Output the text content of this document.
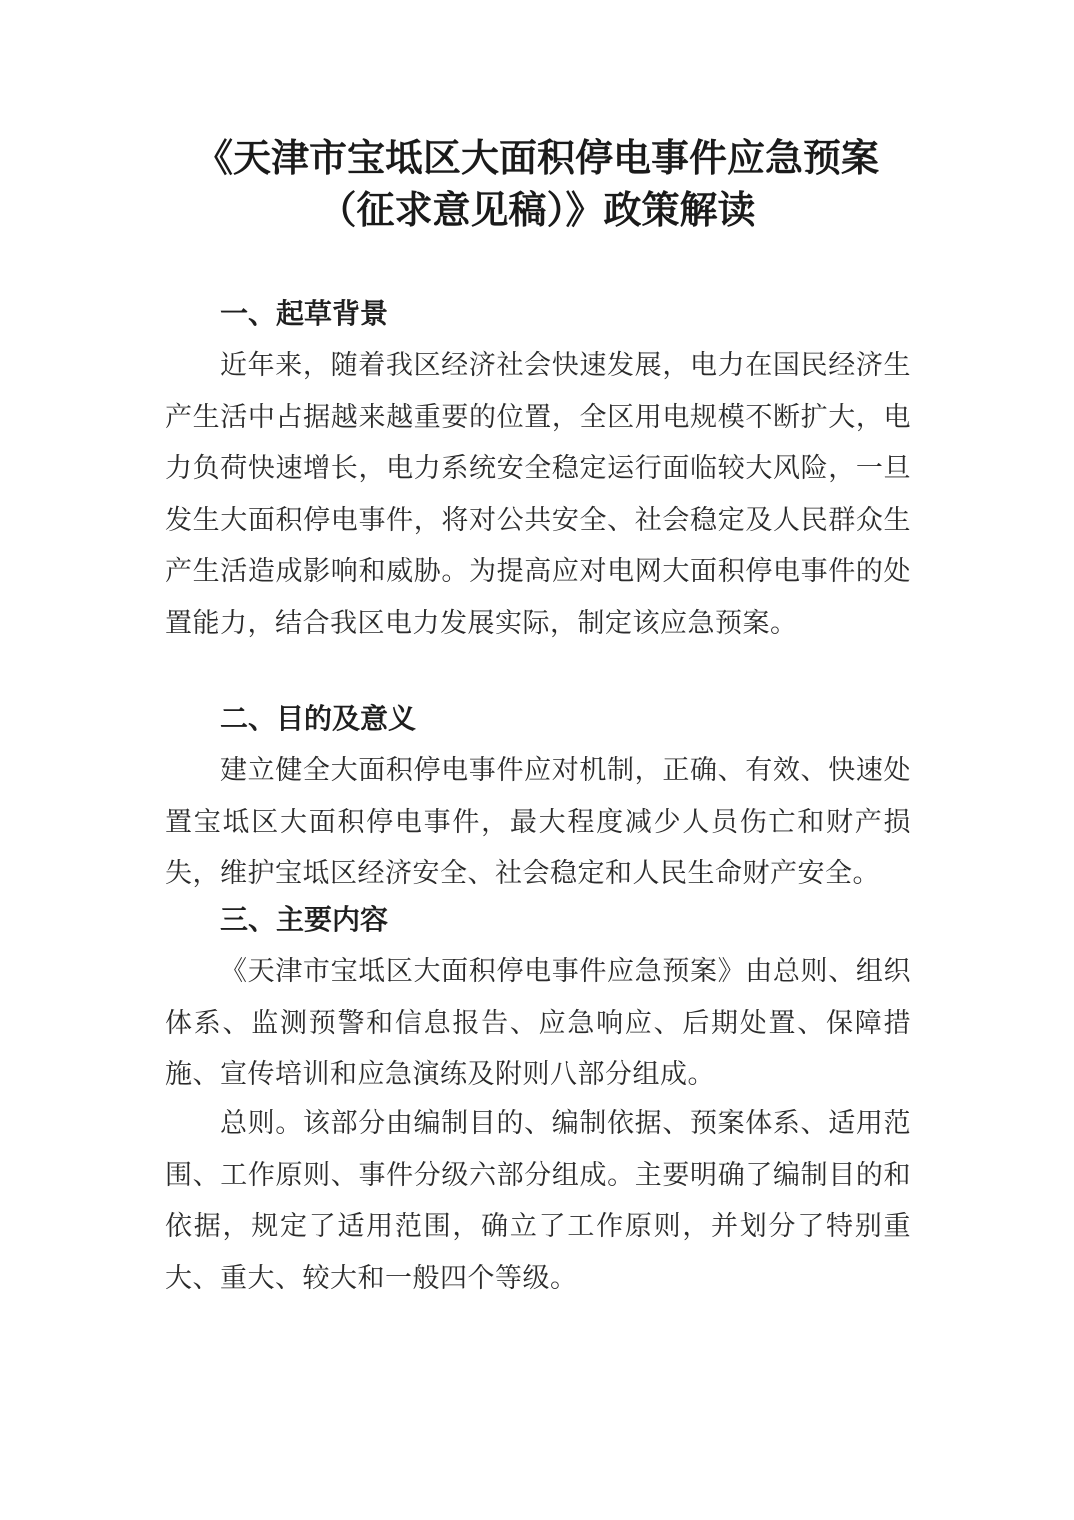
《天津市宝坻区大面积停电事件应急预案
（征求意见稿）》政策解读
一、起草背景

近年来，随着我区经济社会快速发展，电力在国民经济生产生活中占据越来越重要的位置，全区用电规模不断扩大，电力负荷快速增长，电力系统安全稳定运行面临较大风险，一旦发生大面积停电事件，将对公共安全、社会稳定及人民群众生产生活造成影响和威胁。为提高应对电网大面积停电事件的处置能力，结合我区电力发展实际，制定该应急预案。

二、目的及意义

建立健全大面积停电事件应对机制，正确、有效、快速处置宝坻区大面积停电事件，最大程度减少人员伤亡和财产损失，维护宝坻区经济安全、社会稳定和人民生命财产安全。

三、主要内容

《天津市宝坻区大面积停电事件应急预案》由总则、组织体系、监测预警和信息报告、应急响应、后期处置、保障措施、宣传培训和应急演练及附则八部分组成。

总则。该部分由编制目的、编制依据、预案体系、适用范围、工作原则、事件分级六部分组成。主要明确了编制目的和依据，规定了适用范围，确立了工作原则，并划分了特别重大、重大、较大和一般四个等级。
